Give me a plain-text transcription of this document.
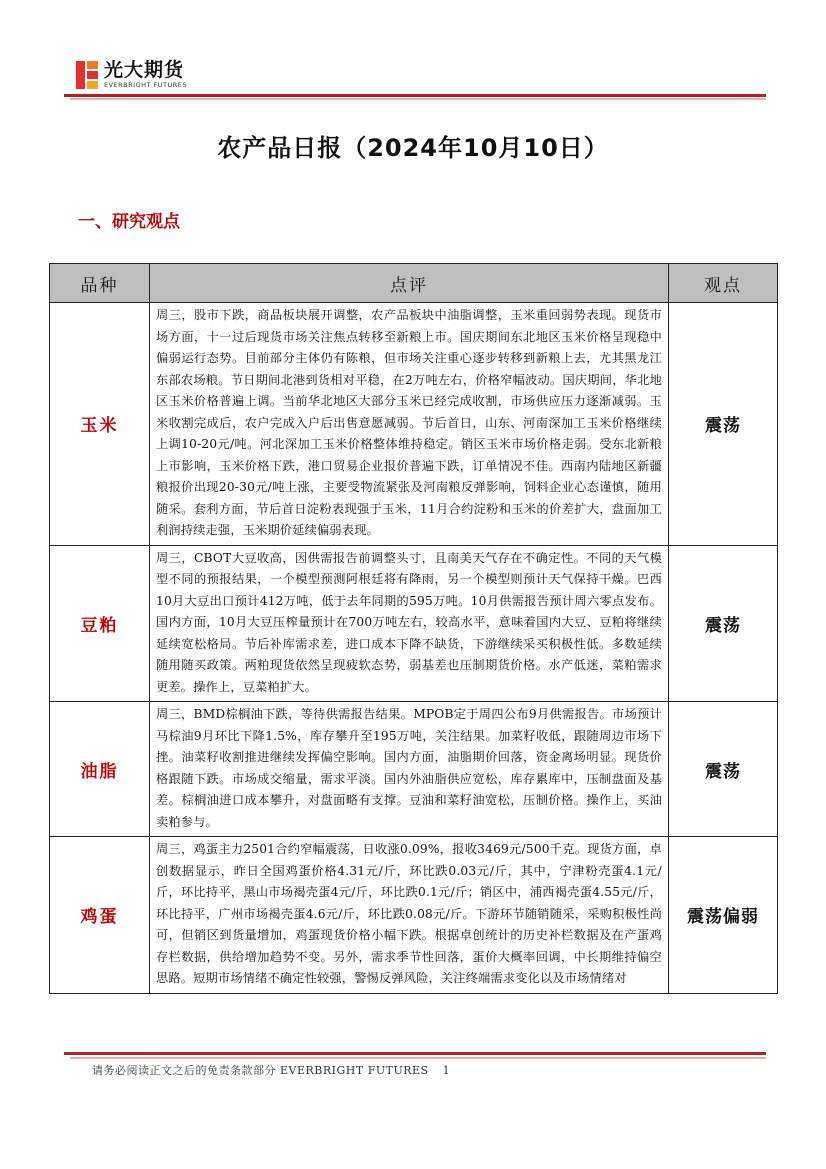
光大期货
EVERBRIGHT FUTURES
农产品日报（2024年10月10日）
一、研究观点
品种	点评	观点
玉米	周三，股市下跌，商品板块展开调整，农产品板块中油脂调整，玉米重回弱势表现。现货市场方面，十一过后现货市场关注焦点转移至新粮上市。国庆期间东北地区玉米价格呈现稳中偏弱运行态势。目前部分主体仍有陈粮，但市场关注重心逐步转移到新粮上去，尤其黑龙江东部农场粮。节日期间北港到货相对平稳，在2万吨左右，价格窄幅波动。国庆期间，华北地区玉米价格普遍上调。当前华北地区大部分玉米已经完成收割，市场供应压力逐渐减弱。玉米收割完成后，农户完成入户后出售意愿减弱。节后首日，山东、河南深加工玉米价格继续上调10-20元/吨。河北深加工玉米价格整体维持稳定。销区玉米市场价格走弱。受东北新粮上市影响，玉米价格下跌，港口贸易企业报价普遍下跌，订单情况不佳。西南内陆地区新疆粮报价出现20-30元/吨上涨，主要受物流紧张及河南粮反弹影响，饲料企业心态谨慎，随用随采。套利方面，节后首日淀粉表现强于玉米，11月合约淀粉和玉米的价差扩大，盘面加工利润持续走强，玉米期价延续偏弱表现。	震荡
豆粕	周三，CBOT大豆收高，因供需报告前调整头寸，且南美天气存在不确定性。不同的天气模型不同的预报结果，一个模型预测阿根廷将有降雨，另一个模型则预计天气保持干燥。巴西10月大豆出口预计412万吨，低于去年同期的595万吨。10月供需报告预计周六零点发布。国内方面，10月大豆压榨量预计在700万吨左右，较高水平，意味着国内大豆、豆粕将继续延续宽松格局。节后补库需求差，进口成本下降不缺货，下游继续采买积极性低。多数延续随用随买政策。两粕现货依然呈现疲软态势，弱基差也压制期货价格。水产低迷，菜粕需求更差。操作上，豆菜粕扩大。	震荡
油脂	周三，BMD棕榈油下跌，等待供需报告结果。MPOB定于周四公布9月供需报告。市场预计马棕油9月环比下降1.5%，库存攀升至195万吨，关注结果。加菜籽收低，跟随周边市场下挫。油菜籽收割推进继续发挥偏空影响。国内方面，油脂期价回落，资金离场明显。现货价格跟随下跌。市场成交缩量，需求平淡。国内外油脂供应宽松，库存累库中，压制盘面及基差。棕榈油进口成本攀升，对盘面略有支撑。豆油和菜籽油宽松，压制价格。操作上，买油卖粕参与。	震荡
鸡蛋	周三，鸡蛋主力2501合约窄幅震荡，日收涨0.09%，报收3469元/500千克。现货方面，卓创数据显示，昨日全国鸡蛋价格4.31元/斤，环比跌0.03元/斤，其中，宁津粉壳蛋4.1元/斤，环比持平，黑山市场褐壳蛋4元/斤，环比跌0.1元/斤；销区中，浦西褐壳蛋4.55元/斤，环比持平，广州市场褐壳蛋4.6元/斤，环比跌0.08元/斤。下游环节随销随采，采购积极性尚可，但销区到货量增加，鸡蛋现货价格小幅下跌。根据卓创统计的历史补栏数据及在产蛋鸡存栏数据，供给增加趋势不变。另外，需求季节性回落，蛋价大概率回调，中长期维持偏空思路。短期市场情绪不确定性较强，警惕反弹风险，关注终端需求变化以及市场情绪对	震荡偏弱
请务必阅读正文之后的免责条款部分 EVERBRIGHT FUTURES 1
